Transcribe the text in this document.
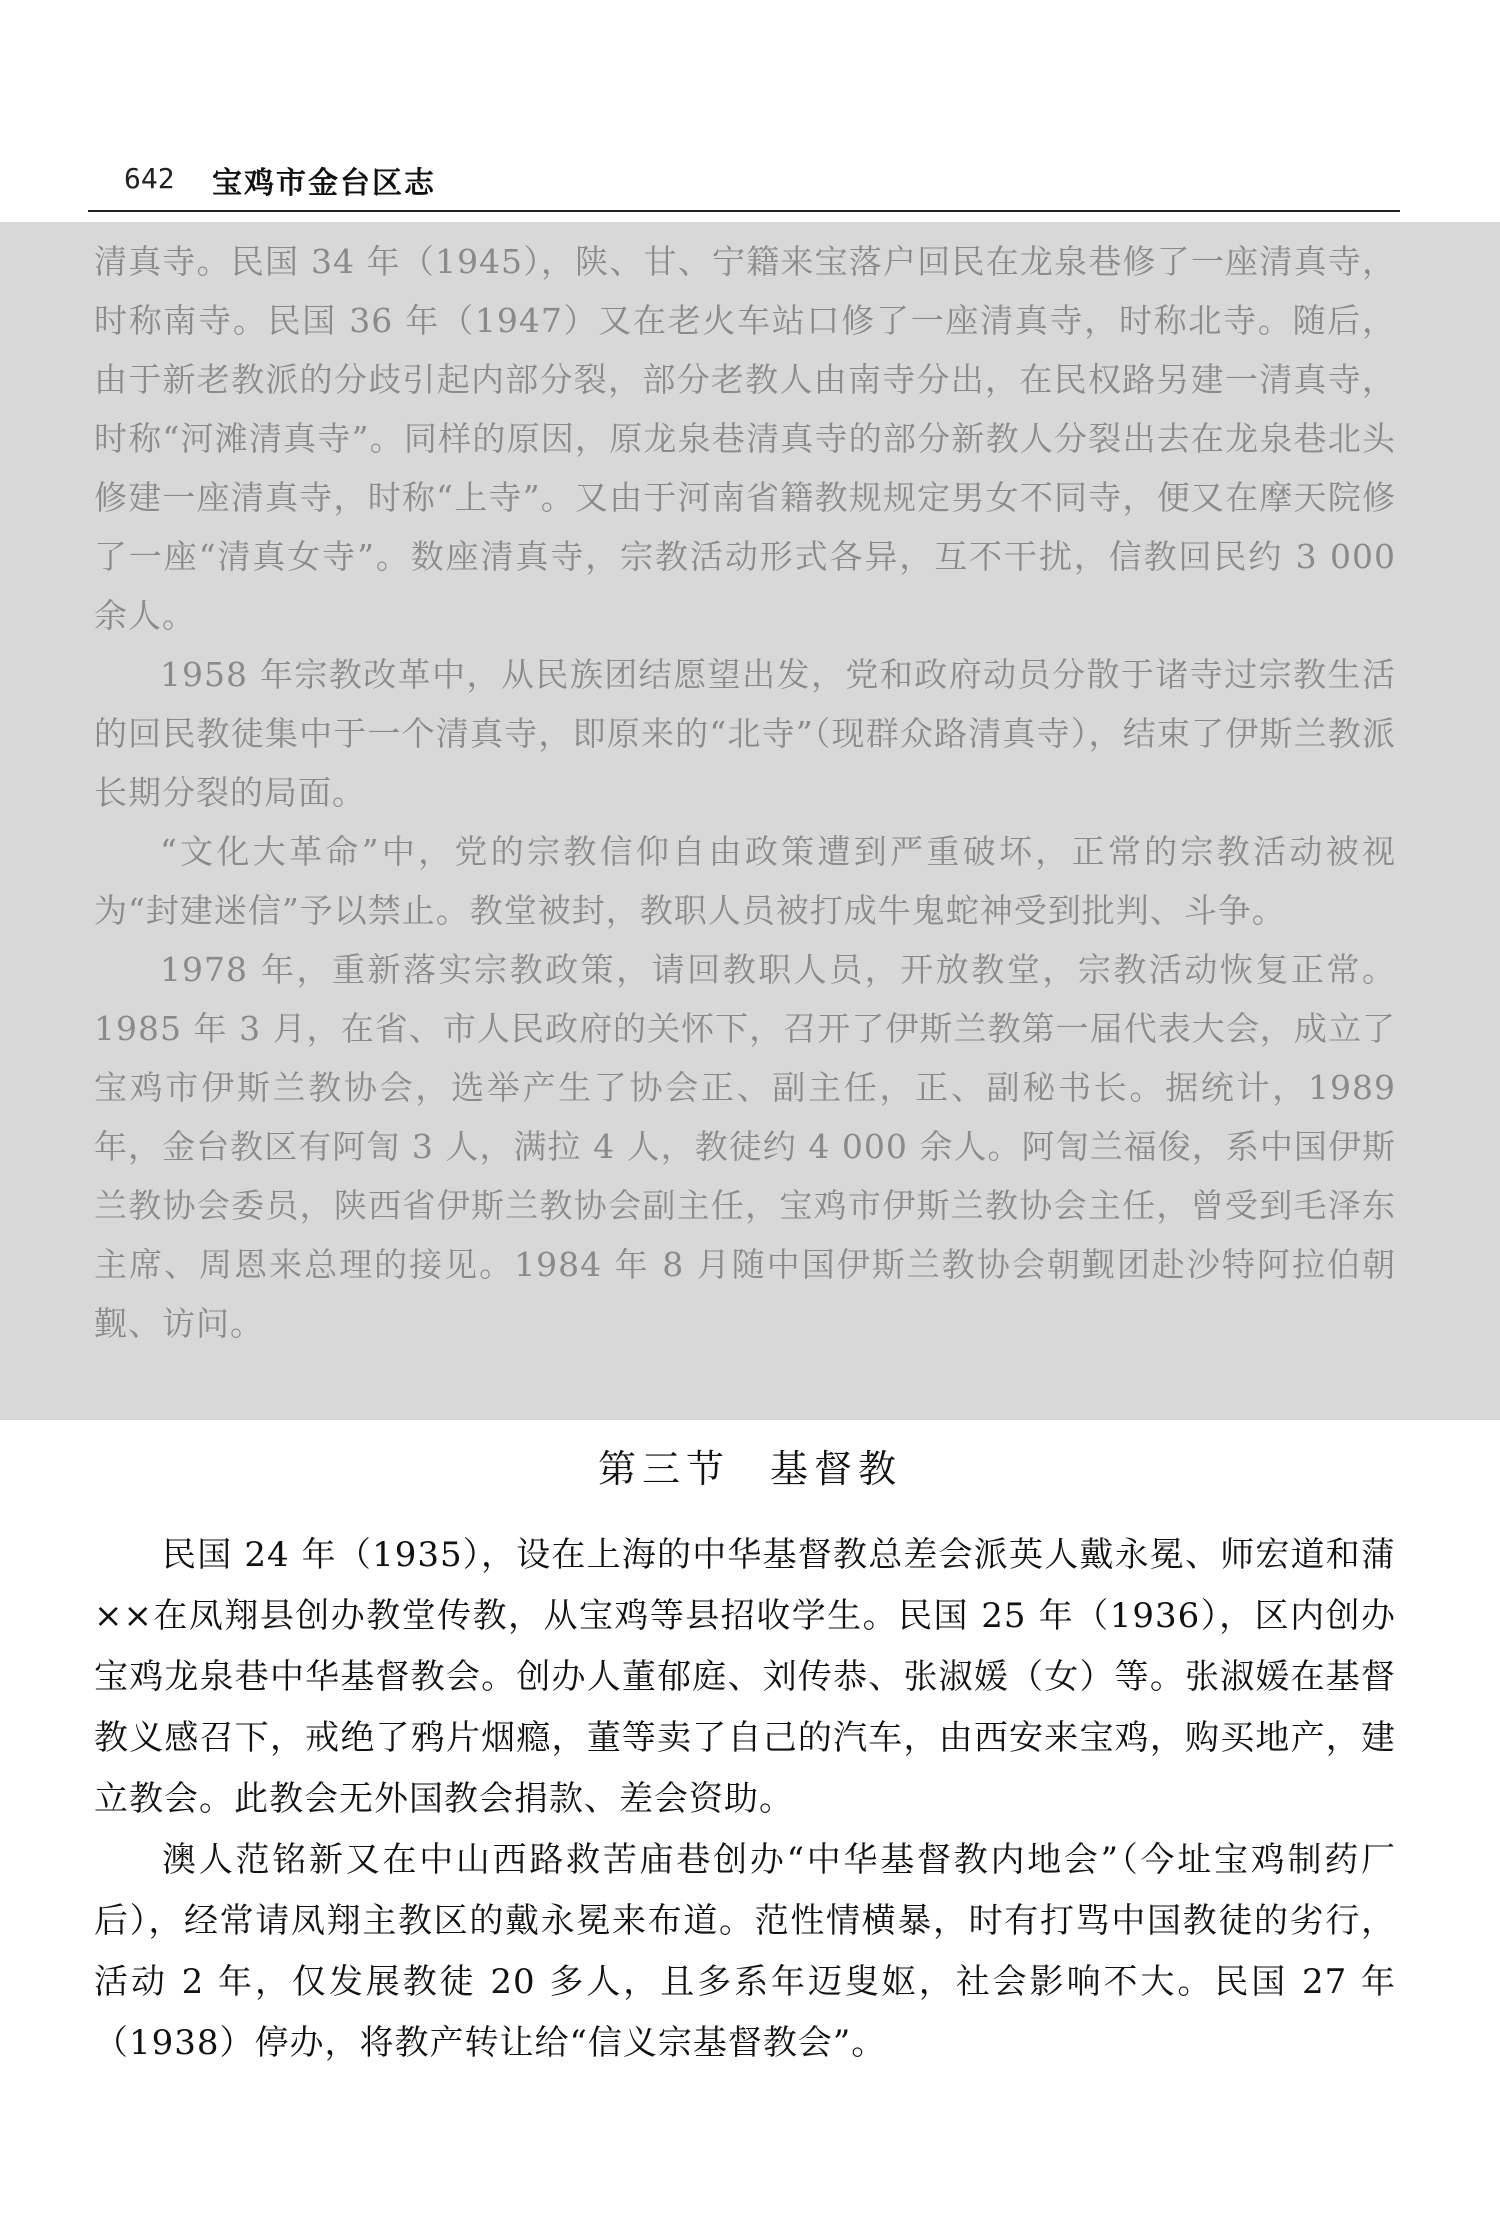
642 宝鸡市金台区志

清真寺。民国 34 年（1945），陕、甘、宁籍来宝落户回民在龙泉巷修了一座清真寺，时称南寺。民国 36 年（1947）又在老火车站口修了一座清真寺，时称北寺。随后，由于新老教派的分歧引起内部分裂，部分老教人由南寺分出，在民权路另建一清真寺，时称“河滩清真寺”。同样的原因，原龙泉巷清真寺的部分新教人分裂出去在龙泉巷北头修建一座清真寺，时称“上寺”。又由于河南省籍教规规定男女不同寺，便又在摩天院修了一座“清真女寺”。数座清真寺，宗教活动形式各异，互不干扰，信教回民约 3 000 余人。

1958 年宗教改革中，从民族团结愿望出发，党和政府动员分散于诸寺过宗教生活的回民教徒集中于一个清真寺，即原来的“北寺”（现群众路清真寺），结束了伊斯兰教派长期分裂的局面。

“文化大革命”中，党的宗教信仰自由政策遭到严重破坏，正常的宗教活动被视为“封建迷信”予以禁止。教堂被封，教职人员被打成牛鬼蛇神受到批判、斗争。

1978 年，重新落实宗教政策，请回教职人员，开放教堂，宗教活动恢复正常。1985 年 3 月，在省、市人民政府的关怀下，召开了伊斯兰教第一届代表大会，成立了宝鸡市伊斯兰教协会，选举产生了协会正、副主任，正、副秘书长。据统计，1989 年，金台教区有阿訇 3 人，满拉 4 人，教徒约 4 000 余人。阿訇兰福俊，系中国伊斯兰教协会委员，陕西省伊斯兰教协会副主任，宝鸡市伊斯兰教协会主任，曾受到毛泽东主席、周恩来总理的接见。1984 年 8 月随中国伊斯兰教协会朝觐团赴沙特阿拉伯朝觐、访问。

第三节 基督教

民国 24 年（1935），设在上海的中华基督教总差会派英人戴永冕、师宏道和蒲××在凤翔县创办教堂传教，从宝鸡等县招收学生。民国 25 年（1936），区内创办宝鸡龙泉巷中华基督教会。创办人董郁庭、刘传恭、张淑媛（女）等。张淑媛在基督教义感召下，戒绝了鸦片烟瘾，董等卖了自己的汽车，由西安来宝鸡，购买地产，建立教会。此教会无外国教会捐款、差会资助。

澳人范铭新又在中山西路救苦庙巷创办“中华基督教内地会”（今址宝鸡制药厂后），经常请凤翔主教区的戴永冕来布道。范性情横暴，时有打骂中国教徒的劣行，活动 2 年，仅发展教徒 20 多人，且多系年迈叟妪，社会影响不大。民国 27 年（1938）停办，将教产转让给“信义宗基督教会”。
